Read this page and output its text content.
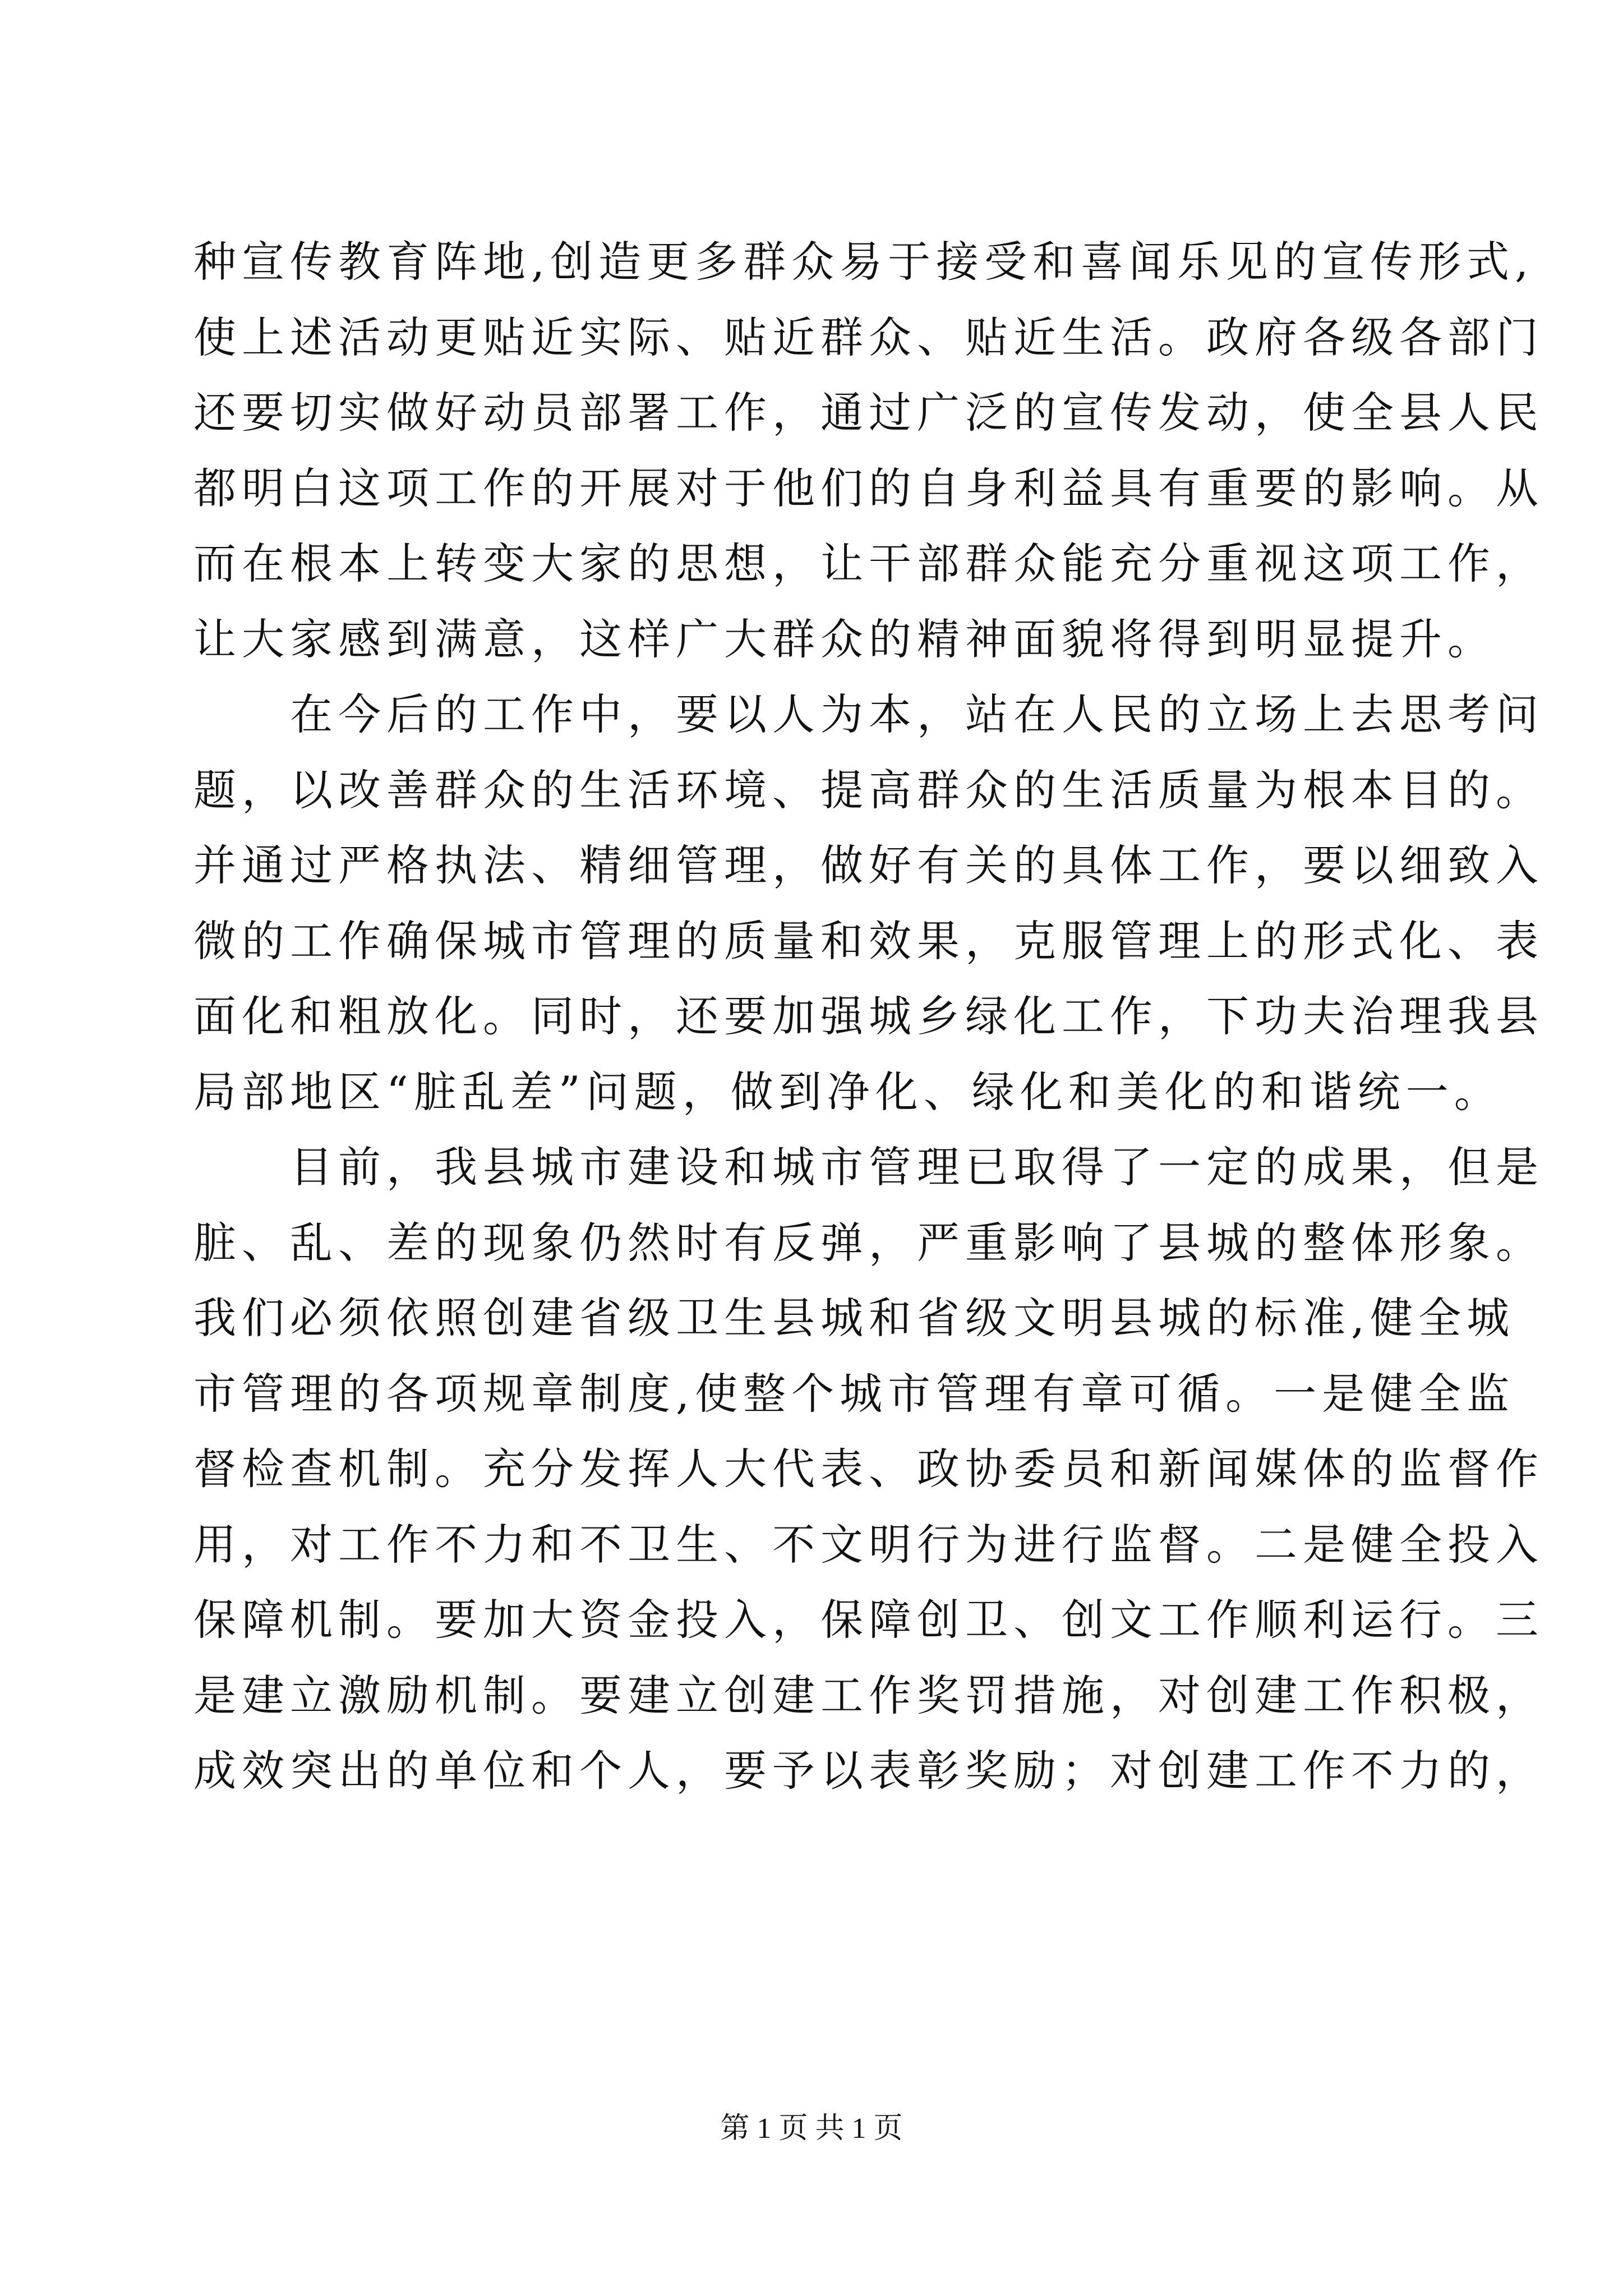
种宣传教育阵地,创造更多群众易于接受和喜闻乐见的宣传形式,
使上述活动更贴近实际、贴近群众、贴近生活。政府各级各部门
还要切实做好动员部署工作，通过广泛的宣传发动，使全县人民
都明白这项工作的开展对于他们的自身利益具有重要的影响。从
而在根本上转变大家的思想，让干部群众能充分重视这项工作，
让大家感到满意，这样广大群众的精神面貌将得到明显提升。
　　在今后的工作中，要以人为本，站在人民的立场上去思考问
题，以改善群众的生活环境、提高群众的生活质量为根本目的。
并通过严格执法、精细管理，做好有关的具体工作，要以细致入
微的工作确保城市管理的质量和效果，克服管理上的形式化、表
面化和粗放化。同时，还要加强城乡绿化工作，下功夫治理我县
局部地区“脏乱差”问题，做到净化、绿化和美化的和谐统一。
　　目前，我县城市建设和城市管理已取得了一定的成果，但是
脏、乱、差的现象仍然时有反弹，严重影响了县城的整体形象。
我们必须依照创建省级卫生县城和省级文明县城的标准,健全城
市管理的各项规章制度,使整个城市管理有章可循。一是健全监
督检查机制。充分发挥人大代表、政协委员和新闻媒体的监督作
用，对工作不力和不卫生、不文明行为进行监督。二是健全投入
保障机制。要加大资金投入，保障创卫、创文工作顺利运行。三
是建立激励机制。要建立创建工作奖罚措施，对创建工作积极，
成效突出的单位和个人，要予以表彰奖励；对创建工作不力的，
第 1 页 共 1 页
